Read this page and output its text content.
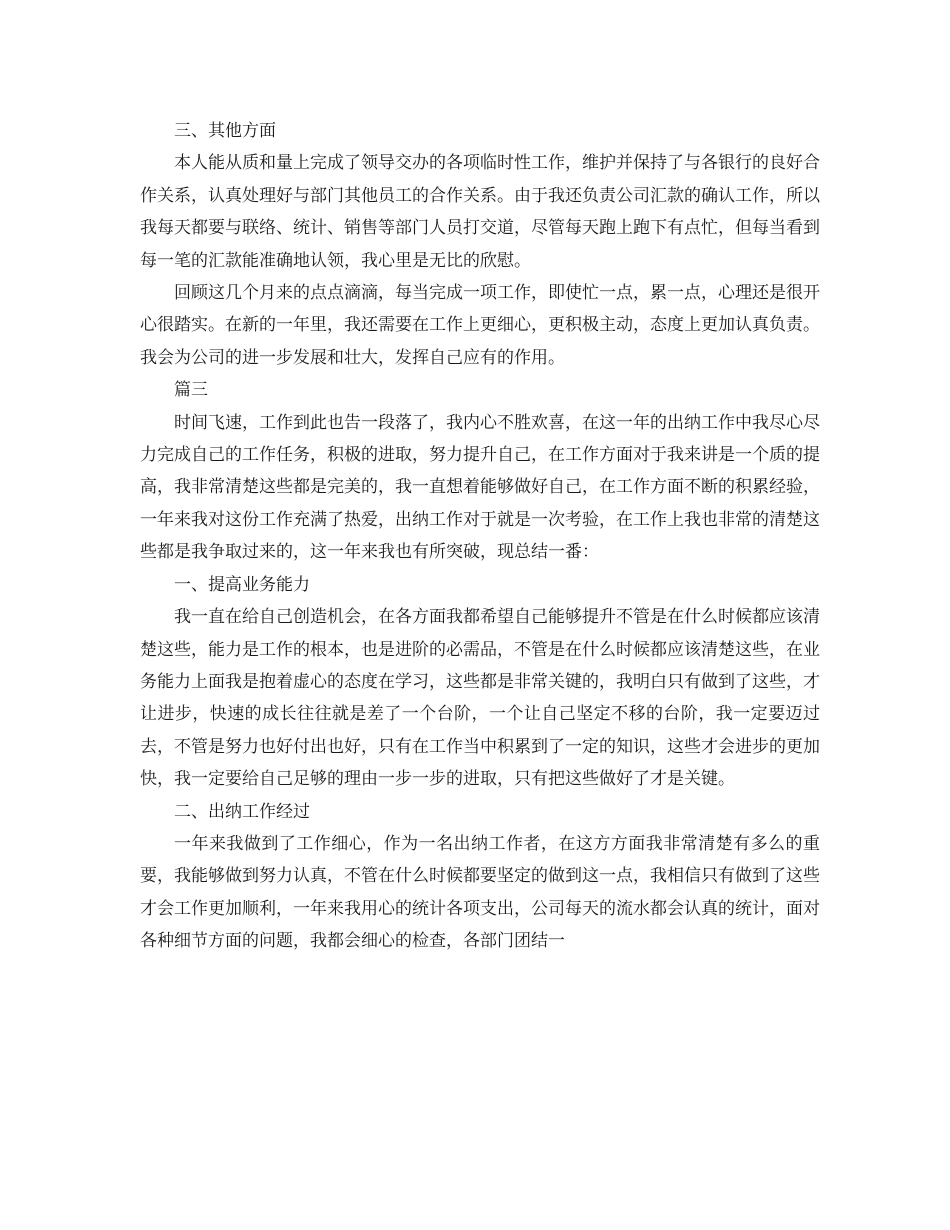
三、其他方面

本人能从质和量上完成了领导交办的各项临时性工作，维护并保持了与各银行的良好合作关系，认真处理好与部门其他员工的合作关系。由于我还负责公司汇款的确认工作，所以我每天都要与联络、统计、销售等部门人员打交道，尽管每天跑上跑下有点忙，但每当看到每一笔的汇款能准确地认领，我心里是无比的欣慰。

回顾这几个月来的点点滴滴，每当完成一项工作，即使忙一点，累一点，心理还是很开心很踏实。在新的一年里，我还需要在工作上更细心，更积极主动，态度上更加认真负责。我会为公司的进一步发展和壮大，发挥自己应有的作用。

篇三

时间飞速，工作到此也告一段落了，我内心不胜欢喜，在这一年的出纳工作中我尽心尽力完成自己的工作任务，积极的进取，努力提升自己，在工作方面对于我来讲是一个质的提高，我非常清楚这些都是完美的，我一直想着能够做好自己，在工作方面不断的积累经验，一年来我对这份工作充满了热爱，出纳工作对于就是一次考验，在工作上我也非常的清楚这些都是我争取过来的，这一年来我也有所突破，现总结一番：

一、提高业务能力

我一直在给自己创造机会，在各方面我都希望自己能够提升不管是在什么时候都应该清楚这些，能力是工作的根本，也是进阶的必需品，不管是在什么时候都应该清楚这些，在业务能力上面我是抱着虚心的态度在学习，这些都是非常关键的，我明白只有做到了这些，才让进步，快速的成长往往就是差了一个台阶，一个让自己坚定不移的台阶，我一定要迈过去，不管是努力也好付出也好，只有在工作当中积累到了一定的知识，这些才会进步的更加快，我一定要给自己足够的理由一步一步的进取，只有把这些做好了才是关键。

二、出纳工作经过

一年来我做到了工作细心，作为一名出纳工作者，在这方方面我非常清楚有多么的重要，我能够做到努力认真，不管在什么时候都要坚定的做到这一点，我相信只有做到了这些才会工作更加顺利，一年来我用心的统计各项支出，公司每天的流水都会认真的统计，面对各种细节方面的问题，我都会细心的检查，各部门团结一
